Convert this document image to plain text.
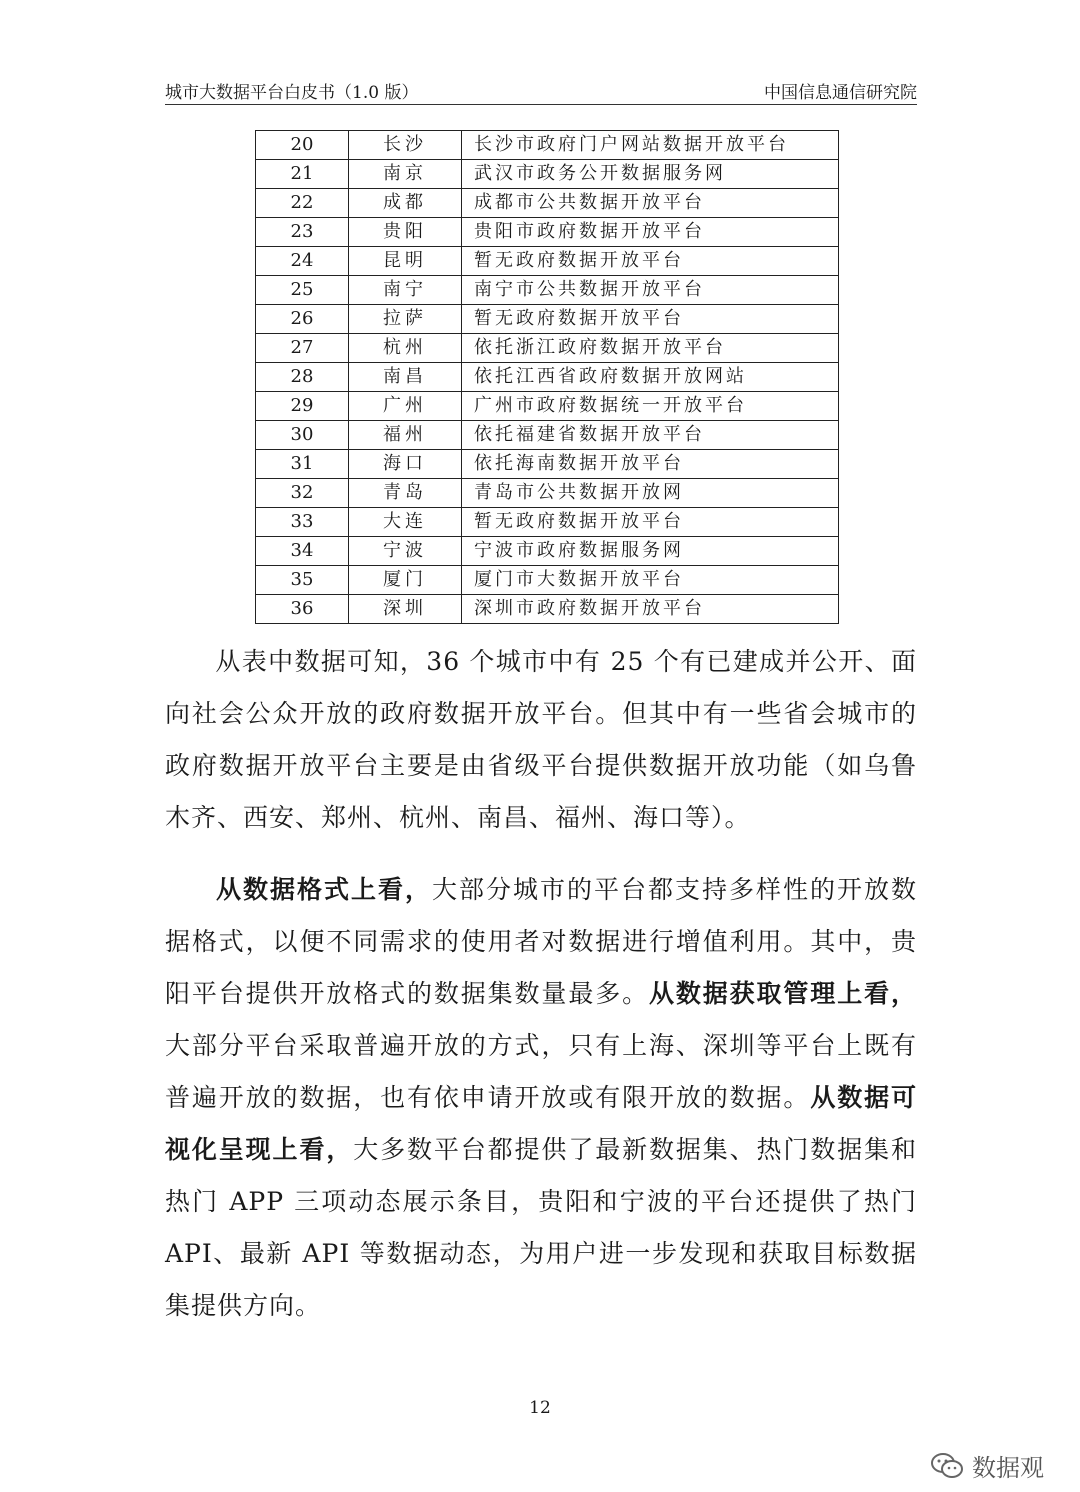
城市大数据平台白皮书（1.0 版）	中国信息通信研究院
20	长沙	长沙市政府门户网站数据开放平台
21	南京	武汉市政务公开数据服务网
22	成都	成都市公共数据开放平台
23	贵阳	贵阳市政府数据开放平台
24	昆明	暂无政府数据开放平台
25	南宁	南宁市公共数据开放平台
26	拉萨	暂无政府数据开放平台
27	杭州	依托浙江政府数据开放平台
28	南昌	依托江西省政府数据开放网站
29	广州	广州市政府数据统一开放平台
30	福州	依托福建省数据开放平台
31	海口	依托海南数据开放平台
32	青岛	青岛市公共数据开放网
33	大连	暂无政府数据开放平台
34	宁波	宁波市政府数据服务网
35	厦门	厦门市大数据开放平台
36	深圳	深圳市政府数据开放平台

从表中数据可知，36 个城市中有 25 个有已建成并公开、面向社会公众开放的政府数据开放平台。但其中有一些省会城市的政府数据开放平台主要是由省级平台提供数据开放功能（如乌鲁木齐、西安、郑州、杭州、南昌、福州、海口等）。

从数据格式上看，大部分城市的平台都支持多样性的开放数据格式，以便不同需求的使用者对数据进行增值利用。其中，贵阳平台提供开放格式的数据集数量最多。从数据获取管理上看，大部分平台采取普遍开放的方式，只有上海、深圳等平台上既有普遍开放的数据，也有依申请开放或有限开放的数据。从数据可视化呈现上看，大多数平台都提供了最新数据集、热门数据集和热门 APP 三项动态展示条目，贵阳和宁波的平台还提供了热门 API、最新 API 等数据动态，为用户进一步发现和获取目标数据集提供方向。

12
数据观
